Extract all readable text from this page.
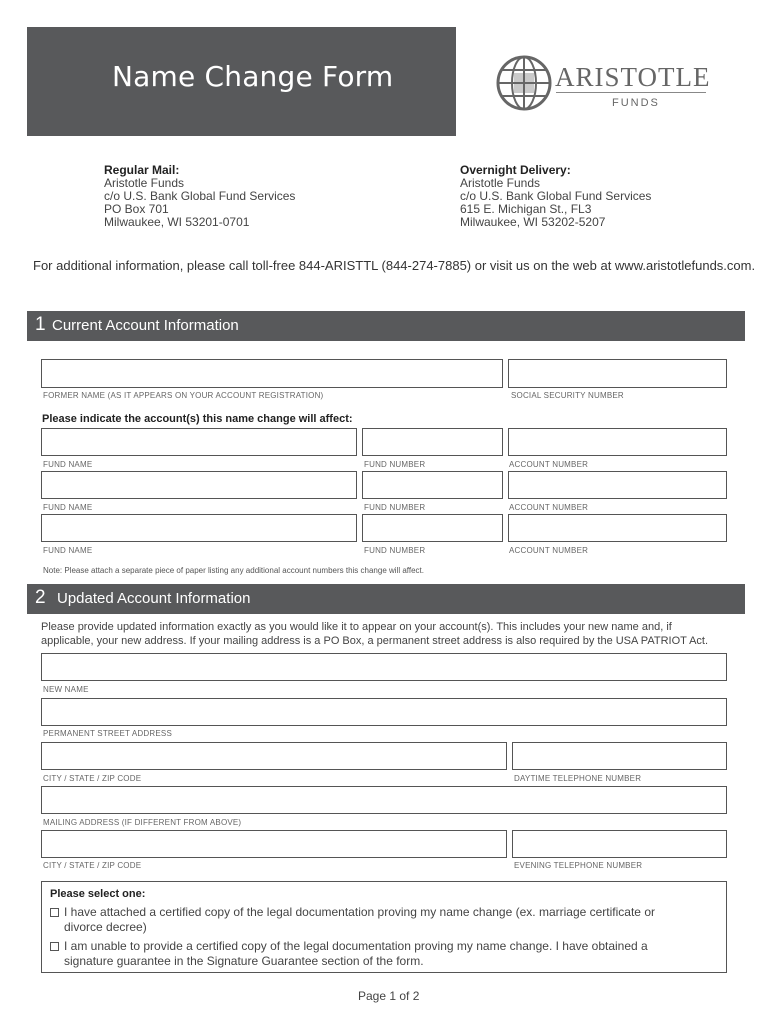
Name Change Form	ARISTOTLE
FUNDS
Regular Mail:
Aristotle Funds
c/o U.S. Bank Global Fund Services
PO Box 701
Milwaukee, WI 53201-0701
Overnight Delivery:
Aristotle Funds
c/o U.S. Bank Global Fund Services
615 E. Michigan St., FL3
Milwaukee, WI 53202-5207
For additional information, please call toll-free 844-ARISTTL (844-274-7885) or visit us on the web at www.aristotlefunds.com.
1 Current Account Information
FORMER NAME (AS IT APPEARS ON YOUR ACCOUNT REGISTRATION)	SOCIAL SECURITY NUMBER
Please indicate the account(s) this name change will affect:
FUND NAME	FUND NUMBER	ACCOUNT NUMBER
FUND NAME	FUND NUMBER	ACCOUNT NUMBER
FUND NAME	FUND NUMBER	ACCOUNT NUMBER
Note: Please attach a separate piece of paper listing any additional account numbers this change will affect.
2 Updated Account Information
Please provide updated information exactly as you would like it to appear on your account(s). This includes your new name and, if
applicable, your new address. If your mailing address is a PO Box, a permanent street address is also required by the USA PATRIOT Act.
NEW NAME
PERMANENT STREET ADDRESS
CITY / STATE / ZIP CODE	DAYTIME TELEPHONE NUMBER
MAILING ADDRESS (IF DIFFERENT FROM ABOVE)
CITY / STATE / ZIP CODE	EVENING TELEPHONE NUMBER
Please select one:
I have attached a certified copy of the legal documentation proving my name change (ex. marriage certificate or
divorce decree)
I am unable to provide a certified copy of the legal documentation proving my name change. I have obtained a
signature guarantee in the Signature Guarantee section of the form.
Page 1 of 2
